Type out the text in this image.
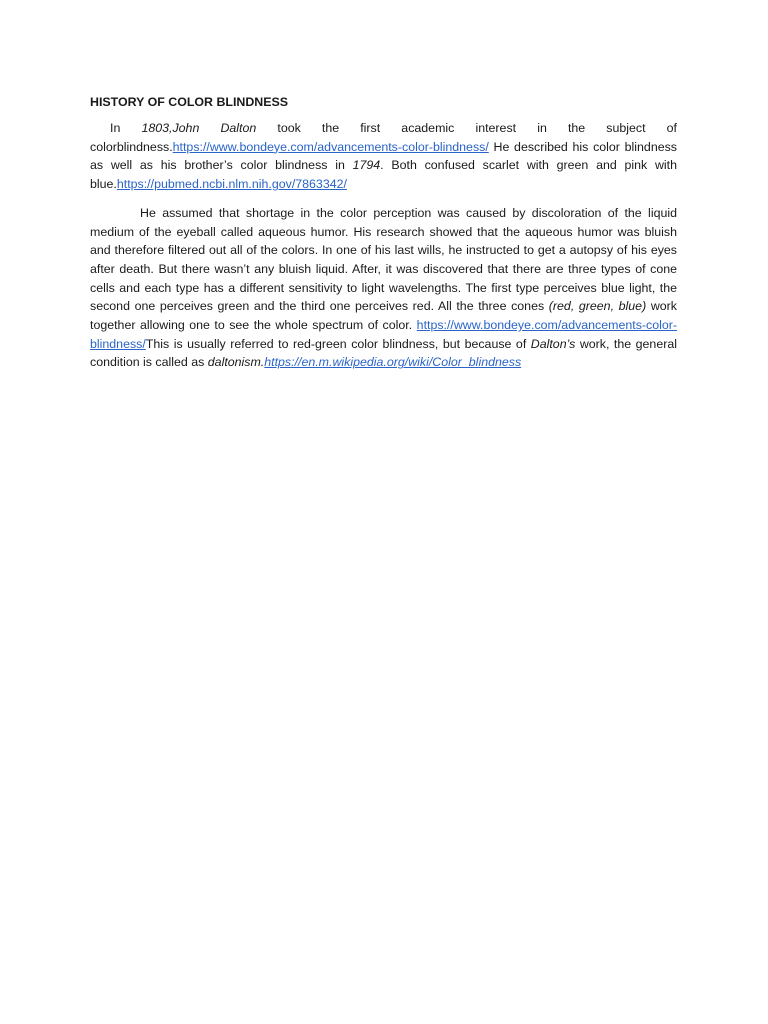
HISTORY OF COLOR BLINDNESS

In 1803,John Dalton took the first academic interest in the subject of colorblindness.https://www.bondeye.com/advancements-color-blindness/ He described his color blindness as well as his brother’s color blindness in 1794. Both confused scarlet with green and pink with blue.https://pubmed.ncbi.nlm.nih.gov/7863342/

He assumed that shortage in the color perception was caused by discoloration of the liquid medium of the eyeball called aqueous humor. His research showed that the aqueous humor was bluish and therefore filtered out all of the colors. In one of his last wills, he instructed to get a autopsy of his eyes after death. But there wasn’t any bluish liquid. After, it was discovered that there are three types of cone cells and each type has a different sensitivity to light wavelengths. The first type perceives blue light, the second one perceives green and the third one perceives red. All the three cones (red, green, blue) work together allowing one to see the whole spectrum of color. https://www.bondeye.com/advancements-color-blindness/This is usually referred to red-green color blindness, but because of Dalton’s work, the general condition is called as daltonism.https://en.m.wikipedia.org/wiki/Color_blindness
